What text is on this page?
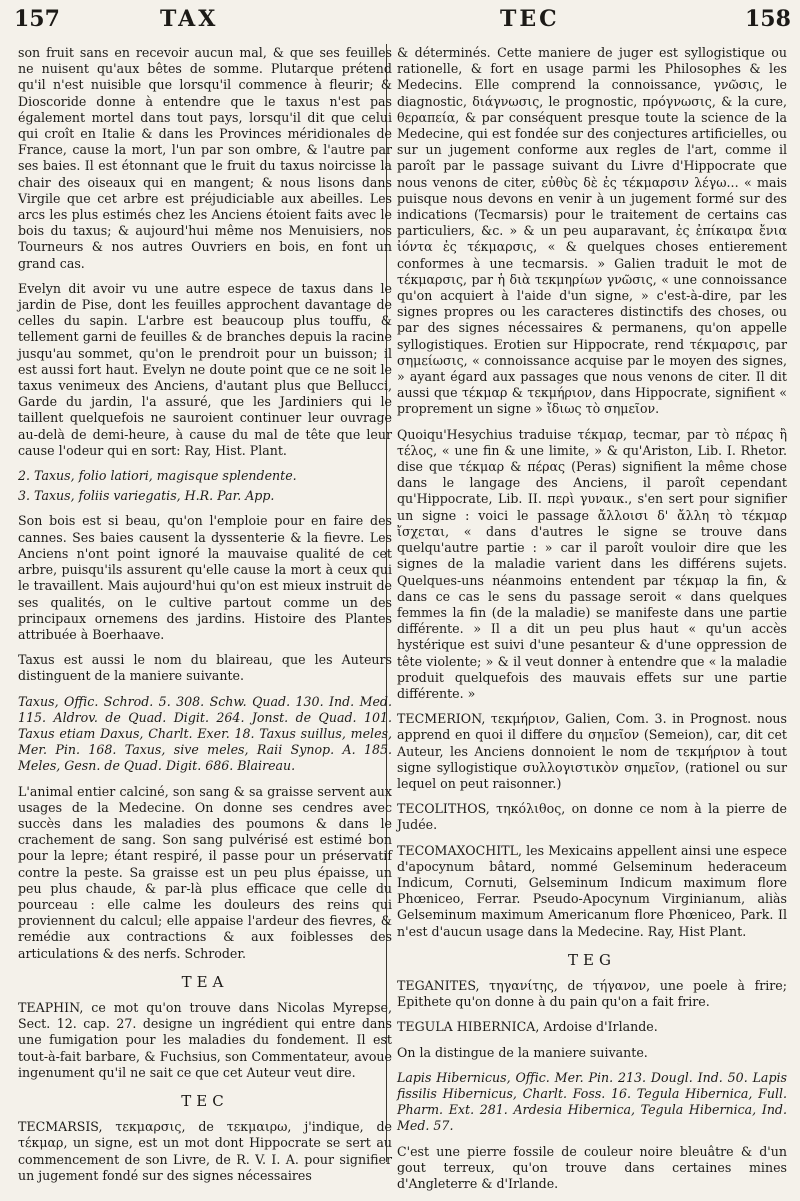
157	TAX	TEC	158

son fruit sans en recevoir aucun mal, & que ses feuilles ne nuisent qu'aux bêtes de somme. Plutarque prétend qu'il n'est nuisible que lorsqu'il commence à fleurir; & Dioscoride donne à entendre que le taxus n'est pas également mortel dans tout pays, lorsqu'il dit que celui qui croît en Italie & dans les Provinces méridionales de France, cause la mort, l'un par son ombre, & l'autre par ses baies. Il est étonnant que le fruit du taxus noircisse la chair des oiseaux qui en mangent; & nous lisons dans Virgile que cet arbre est préjudiciable aux abeilles. Les arcs les plus estimés chez les Anciens étoient faits avec le bois du taxus; & aujourd'hui même nos Menuisiers, nos Tourneurs & nos autres Ouvriers en bois, en font un grand cas.

Evelyn dit avoir vu une autre espece de taxus dans le jardin de Pise, dont les feuilles approchent davantage de celles du sapin. L'arbre est beaucoup plus touffu, & tellement garni de feuilles & de branches depuis la racine jusqu'au sommet, qu'on le prendroit pour un buisson; il est aussi fort haut. Evelyn ne doute point que ce ne soit le taxus venimeux des Anciens, d'autant plus que Bellucci, Garde du jardin, l'a assuré, que les Jardiniers qui le taillent quelquefois ne sauroient continuer leur ouvrage au-delà de demi-heure, à cause du mal de tête que leur cause l'odeur qui en sort: Ray, Hist. Plant.

2. Taxus, folio latiori, magisque splendente.
3. Taxus, foliis variegatis, H.R. Par. App.

Son bois est si beau, qu'on l'emploie pour en faire des cannes. Ses baies causent la dyssenterie & la fievre. Les Anciens n'ont point ignoré la mauvaise qualité de cet arbre, puisqu'ils assurent qu'elle cause la mort à ceux qui le travaillent. Mais aujourd'hui qu'on est mieux instruit de ses qualités, on le cultive partout comme un des principaux ornemens des jardins. Histoire des Plantes attribuée à Boerhaave.

Taxus est aussi le nom du blaireau, que les Auteurs distinguent de la maniere suivante.

Taxus, Offic. Schrod. 5. 308. Schw. Quad. 130. Ind. Med. 115. Aldrov. de Quad. Digit. 264. Jonst. de Quad. 101. Taxus etiam Daxus, Charlt. Exer. 18. Taxus suillus, meles, Mer. Pin. 168. Taxus, sive meles, Raii Synop. A. 185. Meles, Gesn. de Quad. Digit. 686. Blaireau.

L'animal entier calciné, son sang & sa graisse servent aux usages de la Medecine. On donne ses cendres avec succès dans les maladies des poumons & dans le crachement de sang. Son sang pulvérisé est estimé bon pour la lepre; étant respiré, il passe pour un préservatif contre la peste. Sa graisse est un peu plus épaisse, un peu plus chaude, & par-là plus efficace que celle du pourceau : elle calme les douleurs des reins qui proviennent du calcul; elle appaise l'ardeur des fievres, & remédie aux contractions & aux foiblesses des articulations & des nerfs. Schroder.

TEA

TEAPHIN, ce mot qu'on trouve dans Nicolas Myrepse, Sect. 12. cap. 27. designe un ingrédient qui entre dans une fumigation pour les maladies du fondement. Il est tout-à-fait barbare, & Fuchsius, son Commentateur, avoue ingenument qu'il ne sait ce que cet Auteur veut dire.

TEC

TECMARSIS, τεκμαρσις, de τεκμαιρω, j'indique, de τέκμαρ, un signe, est un mot dont Hippocrate se sert au commencement de son Livre, de R. V. I. A. pour signifier un jugement fondé sur des signes nécessaires

& déterminés. Cette maniere de juger est syllogistique ou rationelle, & fort en usage parmi les Philosophes & les Medecins. Elle comprend la connoissance, γνῶσις, le diagnostic, διάγνωσις, le prognostic, πρόγνωσις, & la cure, θεραπεία, & par conséquent presque toute la science de la Medecine, qui est fondée sur des conjectures artificielles, ou sur un jugement conforme aux regles de l'art, comme il paroît par le passage suivant du Livre d'Hippocrate que nous venons de citer, εὐθὺς δὲ ἐς τέκμαρσιν λέγω... « mais puisque nous devons en venir à un jugement formé sur des indications (Tecmarsis) pour le traitement de certains cas particuliers, &c. » & un peu auparavant, ἐς ἐπίκαιρα ἔνια ἰόντα ἐς τέκμαρσις, « & quelques choses entierement conformes à une tecmarsis. » Galien traduit le mot de τέκμαρσις, par ἡ διὰ τεκμηρίων γνῶσις, « une connoissance qu'on acquiert à l'aide d'un signe, » c'est-à-dire, par les signes propres ou les caracteres distinctifs des choses, ou par des signes nécessaires & permanens, qu'on appelle syllogistiques. Erotien sur Hippocrate, rend τέκμαρσις, par σημείωσις, « connoissance acquise par le moyen des signes, » ayant égard aux passages que nous venons de citer. Il dit aussi que τέκμαρ & τεκμήριον, dans Hippocrate, signifient « proprement un signe » ἴδιως τὸ σημεῖον.

Quoiqu'Hesychius traduise τέκμαρ, tecmar, par τὸ πέρας ἢ τέλος, « une fin & une limite, » & qu'Ariston, Lib. I. Rhetor. dise que τέκμαρ & πέρας (Peras) signifient la même chose dans le langage des Anciens, il paroît cependant qu'Hippocrate, Lib. II. περὶ γυναικ., s'en sert pour signifier un signe : voici le passage ἄλλοισι δ' ἄλλη τὸ τέκμαρ ἴσχεται, « dans d'autres le signe se trouve dans quelqu'autre partie : » car il paroît vouloir dire que les signes de la maladie varient dans les différens sujets. Quelques-uns néanmoins entendent par τέκμαρ la fin, & dans ce cas le sens du passage seroit « dans quelques femmes la fin (de la maladie) se manifeste dans une partie différente. » Il a dit un peu plus haut « qu'un accès hystérique est suivi d'une pesanteur & d'une oppression de tête violente; » & il veut donner à entendre que « la maladie produit quelquefois des mauvais effets sur une partie différente. »

TECMERION, τεκμήριον, Galien, Com. 3. in Prognost. nous apprend en quoi il differe du σημεῖον (Semeion), car, dit cet Auteur, les Anciens donnoient le nom de τεκμήριον à tout signe syllogistique συλλογιστικὸν σημεῖον, (rationel ou sur lequel on peut raisonner.)

TECOLITHOS, τηκόλιθος, on donne ce nom à la pierre de Judée.

TECOMAXOCHITL, les Mexicains appellent ainsi une espece d'apocynum bâtard, nommé Gelseminum hederaceum Indicum, Cornuti, Gelseminum Indicum maximum flore Phœniceo, Ferrar. Pseudo-Apocynum Virginianum, aliàs Gelseminum maximum Americanum flore Phœniceo, Park. Il n'est d'aucun usage dans la Medecine. Ray, Hist Plant.

TEG

TEGANITES, τηγανίτης, de τήγανον, une poele à frire; Epithete qu'on donne à du pain qu'on a fait frire.

TEGULA HIBERNICA, Ardoise d'Irlande.

On la distingue de la maniere suivante.

Lapis Hibernicus, Offic. Mer. Pin. 213. Dougl. Ind. 50. Lapis fissilis Hibernicus, Charlt. Foss. 16. Tegula Hibernica, Full. Pharm. Ext. 281. Ardesia Hibernica, Tegula Hibernica, Ind. Med. 57.

C'est une pierre fossile de couleur noire bleuâtre & d'un gout terreux, qu'on trouve dans certaines mines d'Angleterre & d'Irlande.
